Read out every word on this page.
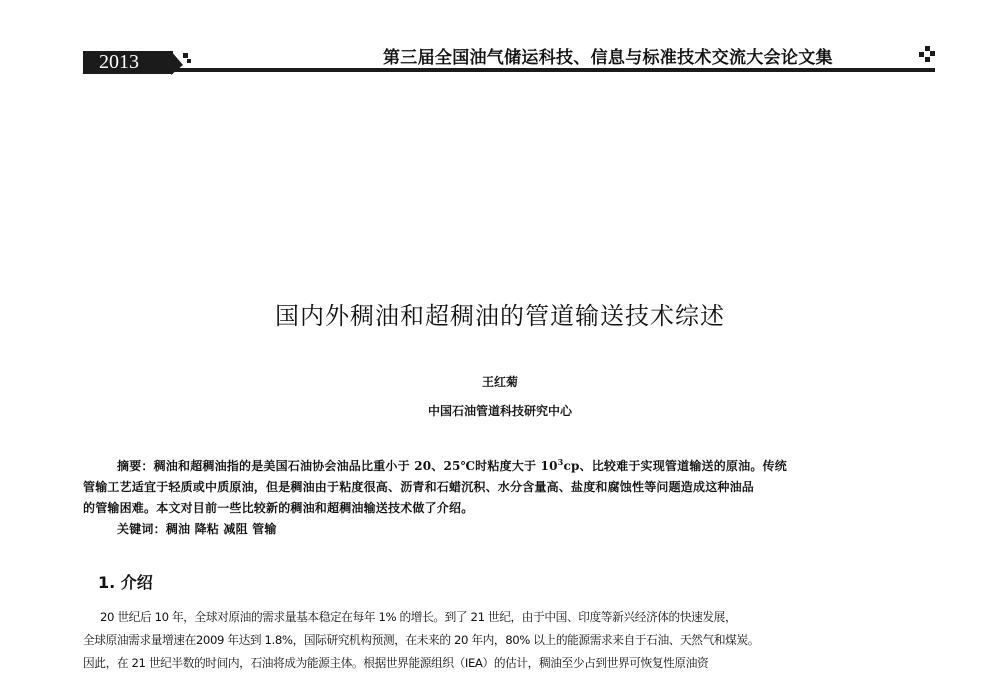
2013	第三届全国油气储运科技、信息与标准技术交流大会论文集
国内外稠油和超稠油的管道输送技术综述
王红菊
中国石油管道科技研究中心

摘要：稠油和超稠油指的是美国石油协会油品比重小于 20、25℃时粘度大于 $10^3cp$、比较难于实现管道输送的原油。传统

管输工艺适宜于轻质或中质原油，但是稠油由于粘度很高、沥青和石蜡沉积、水分含量高、盐度和腐蚀性等问题造成这种油品

的管输困难。本文对目前一些比较新的稠油和超稠油输送技术做了介绍。

关键词：稠油 降粘 减阻 管输

1. 介绍
20 世纪后 10 年，全球对原油的需求量基本稳定在每年 1% 的增长。到了 21 世纪，由于中国、印度等新兴经济体的快速发展，
全球原油需求量增速在2009 年达到 1.8%，国际研究机构预测，在未来的 20 年内，80% 以上的能源需求来自于石油、天然气和煤炭。
因此，在 21 世纪半数的时间内，石油将成为能源主体。根据世界能源组织（IEA）的估计，稠油至少占到世界可恢复性原油资
